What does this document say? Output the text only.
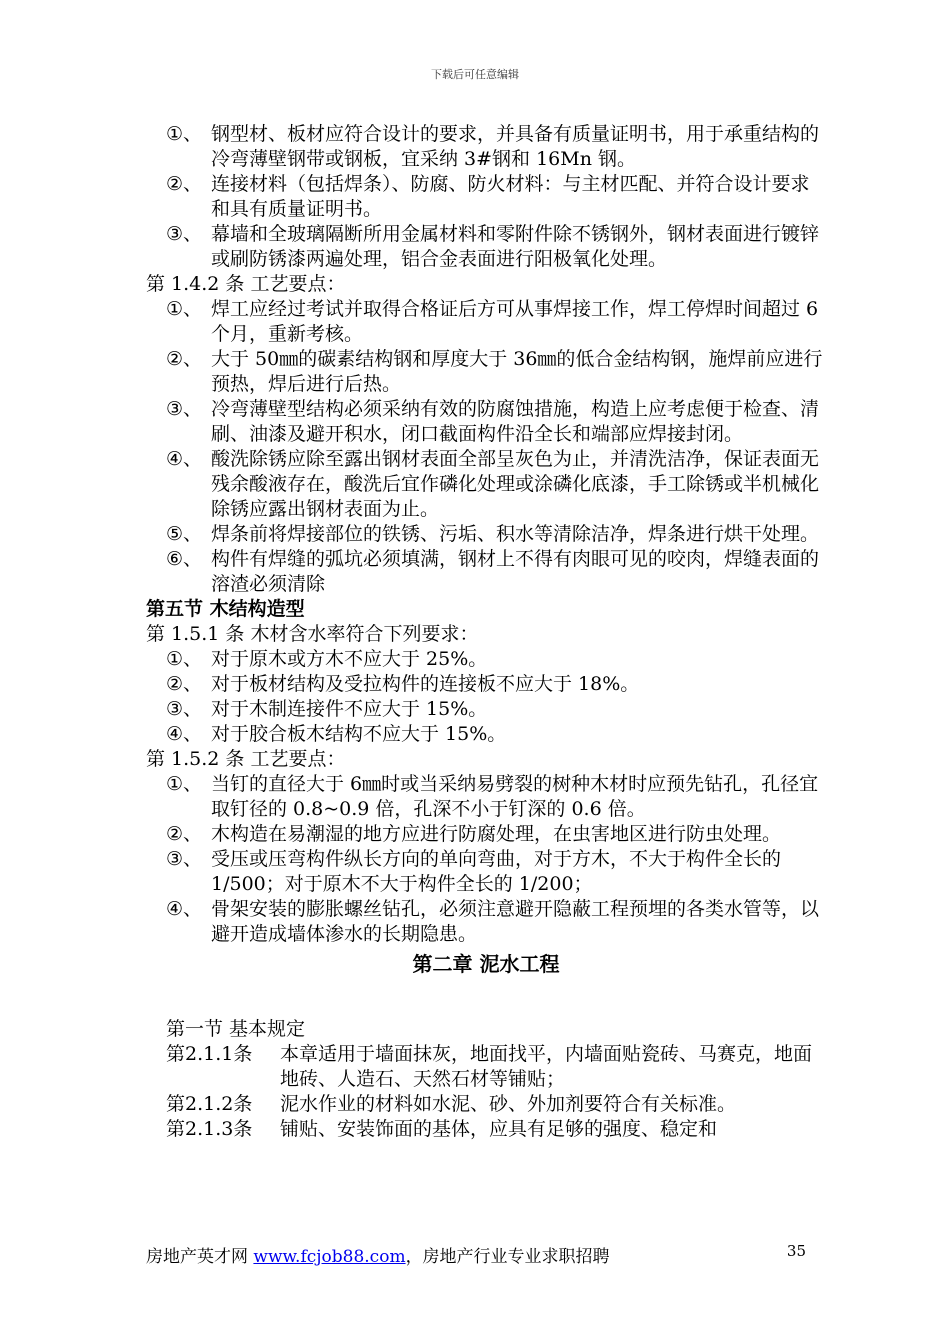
下载后可任意编辑
①、 钢型材、板材应符合设计的要求，并具备有质量证明书，用于承重结构的冷弯薄壁钢带或钢板，宜采纳 3#钢和 16Mn 钢。
②、 连接材料（包括焊条）、防腐、防火材料：与主材匹配、并符合设计要求和具有质量证明书。
③、 幕墙和全玻璃隔断所用金属材料和零附件除不锈钢外，钢材表面进行镀锌或刷防锈漆两遍处理，铝合金表面进行阳极氧化处理。
第 1.4.2 条 工艺要点：
①、 焊工应经过考试并取得合格证后方可从事焊接工作，焊工停焊时间超过 6 个月，重新考核。
②、 大于 50㎜的碳素结构钢和厚度大于 36㎜的低合金结构钢，施焊前应进行预热，焊后进行后热。
③、 冷弯薄壁型结构必须采纳有效的防腐蚀措施，构造上应考虑便于检查、清刷、油漆及避开积水，闭口截面构件沿全长和端部应焊接封闭。
④、 酸洗除锈应除至露出钢材表面全部呈灰色为止，并清洗洁净，保证表面无残余酸液存在，酸洗后宜作磷化处理或涂磷化底漆，手工除锈或半机械化除锈应露出钢材表面为止。
⑤、 焊条前将焊接部位的铁锈、污垢、积水等清除洁净，焊条进行烘干处理。
⑥、 构件有焊缝的弧坑必须填满，钢材上不得有肉眼可见的咬肉，焊缝表面的溶渣必须清除
第五节 木结构造型
第 1.5.1 条 木材含水率符合下列要求：
①、 对于原木或方木不应大于 25%。
②、 对于板材结构及受拉构件的连接板不应大于 18%。
③、 对于木制连接件不应大于 15%。
④、 对于胶合板木结构不应大于 15%。
第 1.5.2 条 工艺要点：
①、 当钉的直径大于 6㎜时或当采纳易劈裂的树种木材时应预先钻孔，孔径宜取钉径的 0.8~0.9 倍，孔深不小于钉深的 0.6 倍。
②、 木构造在易潮湿的地方应进行防腐处理，在虫害地区进行防虫处理。
③、 受压或压弯构件纵长方向的单向弯曲，对于方木，不大于构件全长的 1/500；对于原木不大于构件全长的 1/200；
④、 骨架安装的膨胀螺丝钻孔，必须注意避开隐蔽工程预埋的各类水管等，以避开造成墙体渗水的长期隐患。
第二章 泥水工程
第一节 基本规定
第2.1.1条 本章适用于墙面抹灰，地面找平，内墙面贴瓷砖、马赛克，地面地砖、人造石、天然石材等铺贴；
第2.1.2条 泥水作业的材料如水泥、砂、外加剂要符合有关标准。
第2.1.3条 铺贴、安装饰面的基体，应具有足够的强度、稳定和
房地产英才网 www.fcjob88.com，房地产行业专业求职招聘	35
